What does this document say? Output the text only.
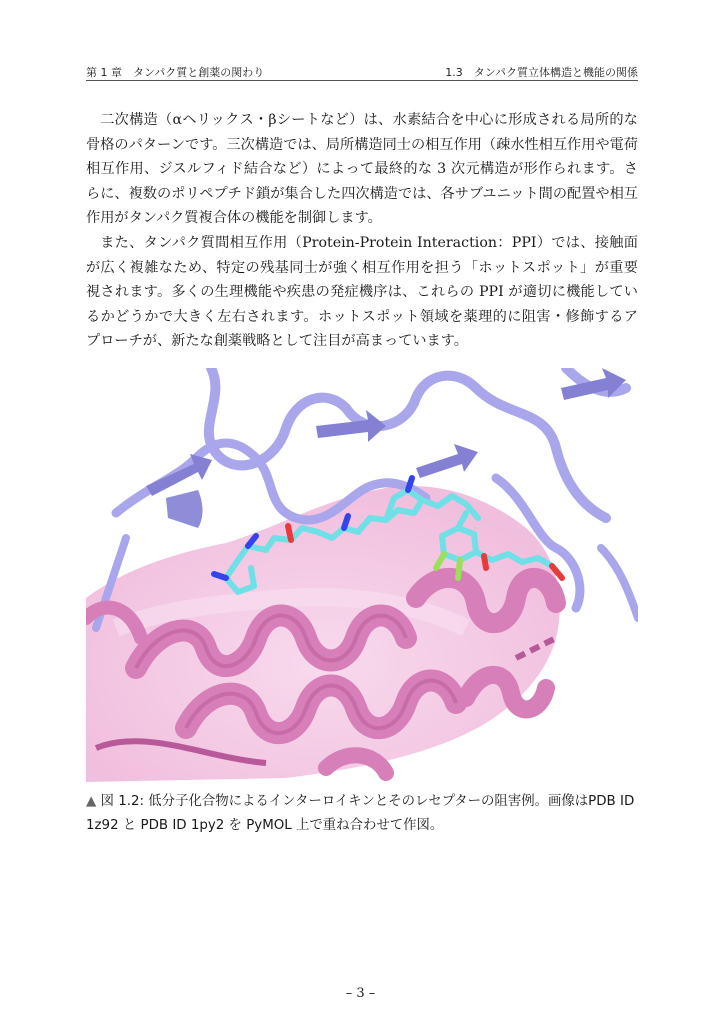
第 1 章　タンパク質と創薬の関わり	1.3　タンパク質立体構造と機能の関係

二次構造（αヘリックス・βシートなど）は、水素結合を中心に形成される局所的な骨格のパターンです。三次構造では、局所構造同士の相互作用（疎水性相互作用や電荷相互作用、ジスルフィド結合など）によって最終的な 3 次元構造が形作られます。さらに、複数のポリペプチド鎖が集合した四次構造では、各サブユニット間の配置や相互作用がタンパク質複合体の機能を制御します。

また、タンパク質間相互作用（Protein-Protein Interaction：PPI）では、接触面が広く複雑なため、特定の残基同士が強く相互作用を担う「ホットスポット」が重要視されます。多くの生理機能や疾患の発症機序は、これらの PPI が適切に機能しているかどうかで大きく左右されます。ホットスポット領域を薬理的に阻害・修飾するアプローチが、新たな創薬戦略として注目が高まっています。

▲ 図 1.2: 低分子化合物によるインターロイキンとそのレセプターの阻害例。画像はPDB ID 1z92 と PDB ID 1py2 を PyMOL 上で重ね合わせて作図。
– 3 –
